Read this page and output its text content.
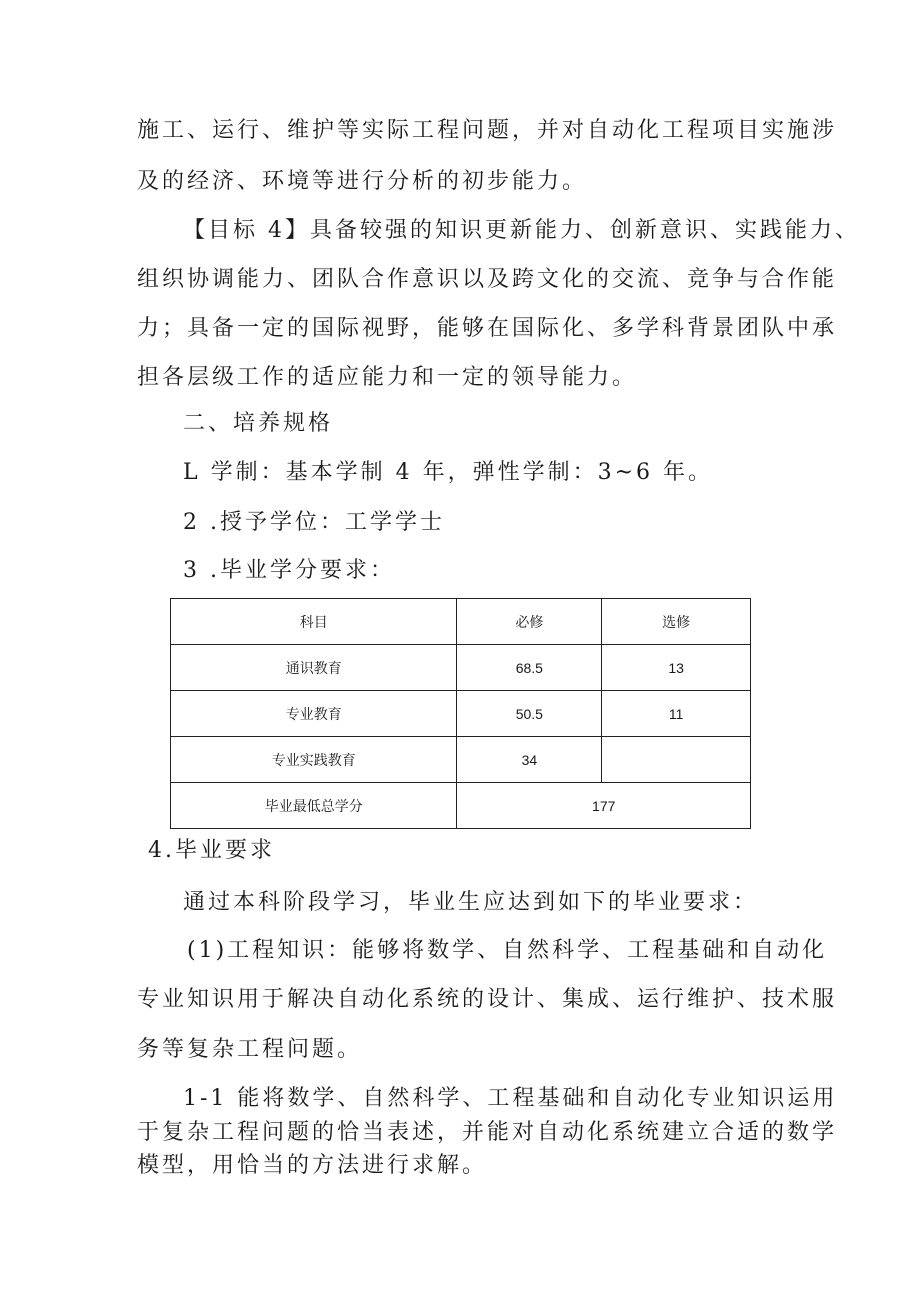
施工、运行、维护等实际工程问题，并对自动化工程项目实施涉
及的经济、环境等进行分析的初步能力。
【目标 4】具备较强的知识更新能力、创新意识、实践能力、
组织协调能力、团队合作意识以及跨文化的交流、竞争与合作能
力；具备一定的国际视野，能够在国际化、多学科背景团队中承
担各层级工作的适应能力和一定的领导能力。
二、培养规格
L 学制：基本学制 4 年，弹性学制：3~6 年。
2 .授予学位：工学学士
3 .毕业学分要求：
科目	必修	选修
通识教育	68.5	13
专业教育	50.5	11
专业实践教育	34	
毕业最低总学分	177	
4.毕业要求
通过本科阶段学习，毕业生应达到如下的毕业要求：
(1)工程知识：能够将数学、自然科学、工程基础和自动化
专业知识用于解决自动化系统的设计、集成、运行维护、技术服
务等复杂工程问题。
1-1 能将数学、自然科学、工程基础和自动化专业知识运用
于复杂工程问题的恰当表述，并能对自动化系统建立合适的数学
模型，用恰当的方法进行求解。
